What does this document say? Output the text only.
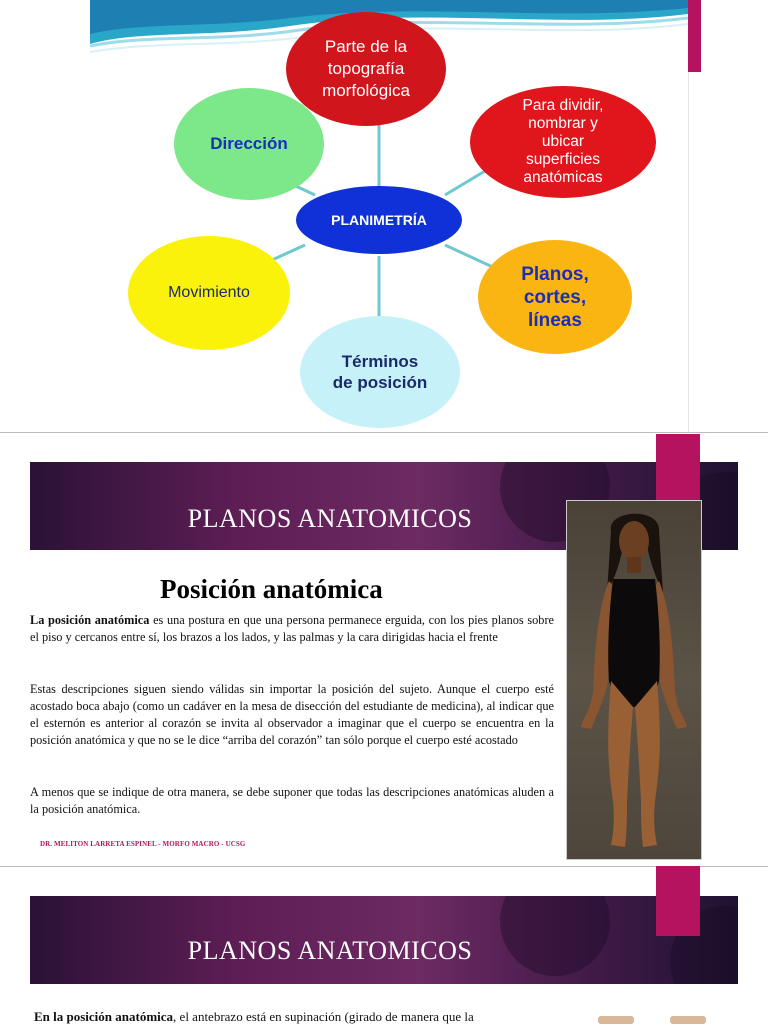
Parte de la
topografía
morfológica
Para dividir,
nombrar y
ubicar
superficies
anatómicas
Dirección
PLANIMETRÍA
Movimiento
Planos,
cortes,
líneas
Términos
de posición
PLANOS ANATOMICOS
Posición anatómica
La posición anatómica es una postura en que una persona permanece erguida, con los pies planos sobre el piso y cercanos entre sí, los brazos a los lados, y las palmas y la cara dirigidas hacia el frente
Estas descripciones siguen siendo válidas sin importar la posición del sujeto. Aunque el cuerpo esté acostado boca abajo (como un cadáver en la mesa de disección del estudiante de medicina), al indicar que el esternón es anterior al corazón se invita al observador a imaginar que el cuerpo se encuentra en la posición anatómica y que no se le dice “arriba del corazón” tan sólo porque el cuerpo esté acostado
A menos que se indique de otra manera, se debe suponer que todas las descripciones anatómicas aluden a la posición anatómica.
DR. MELITON LARRETA ESPINEL - MORFO MACRO - UCSG
PLANOS ANATOMICOS
En la posición anatómica, el antebrazo está en supinación (girado de manera que la
